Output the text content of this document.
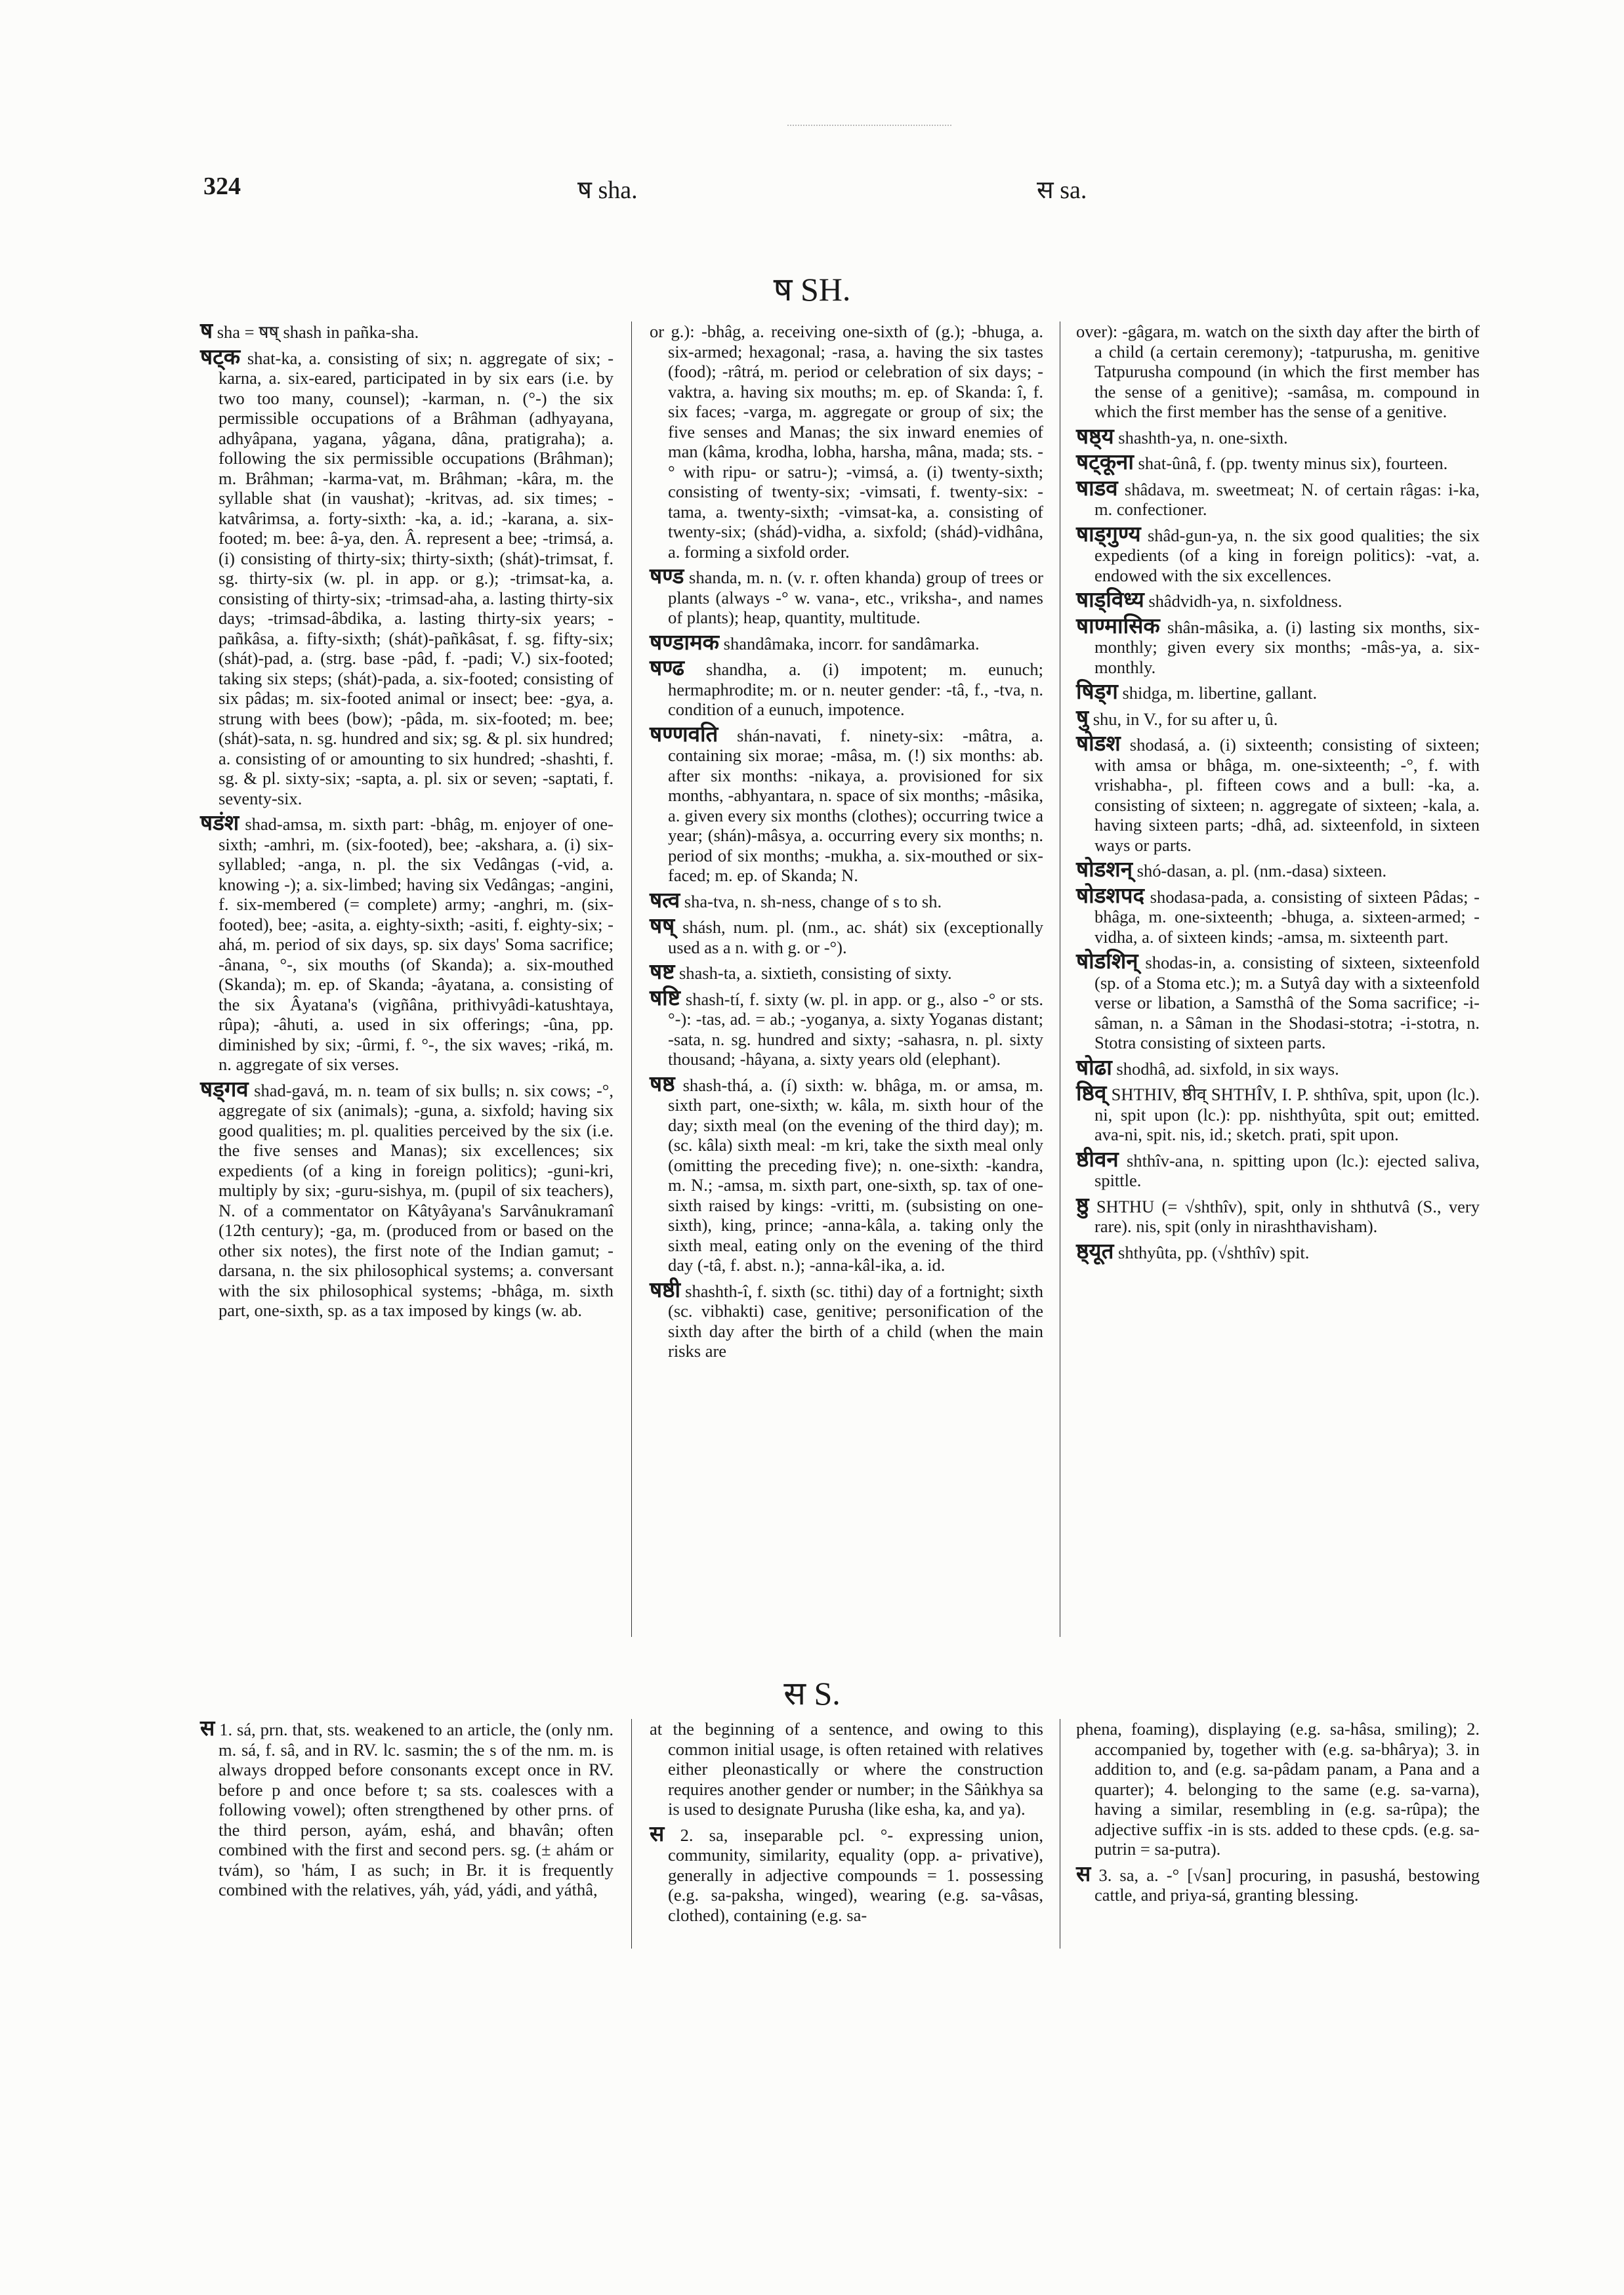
324	ष sha.	स sa.
ष SH.
ष sha = षष् shash in pañka-sha.
षट्क shat-ka, a. consisting of six; n. aggregate of six; -karna, a. six-eared, participated in by six ears (i.e. by two too many, counsel); -karman, n. (°-) the six permissible occupations of a Brâhman (adhyayana, adhyâpana, yagana, yâgana, dâna, pratigraha); a. following the six permissible occupations (Brâhman); m. Brâhman; -karma-vat, m. Brâhman; -kâra, m. the syllable shat (in vaushat); -kritvas, ad. six times; -katvârimsa, a. forty-sixth: -ka, a. id.; -karana, a. six-footed; m. bee: â-ya, den. Â. represent a bee; -trimsá, a. (i) consisting of thirty-six; thirty-sixth; (shát)-trimsat, f. sg. thirty-six (w. pl. in app. or g.); -trimsat-ka, a. consisting of thirty-six; -trimsad-aha, a. lasting thirty-six days; -trimsad-âbdika, a. lasting thirty-six years; -pañkâsa, a. fifty-sixth; (shát)-pañkâsat, f. sg. fifty-six; (shát)-pad, a. (strg. base -pâd, f. -padi; V.) six-footed; taking six steps; (shát)-pada, a. six-footed; consisting of six pâdas; m. six-footed animal or insect; bee: -gya, a. strung with bees (bow); -pâda, m. six-footed; m. bee; (shát)-sata, n. sg. hundred and six; sg. & pl. six hundred; a. consisting of or amounting to six hundred; -shashti, f. sg. & pl. sixty-six; -sapta, a. pl. six or seven; -saptati, f. seventy-six.
षडंश shad-amsa, m. sixth part: -bhâg, m. enjoyer of one-sixth; -amhri, m. (six-footed), bee; -akshara, a. (i) six-syllabled; -anga, n. pl. the six Vedângas (-vid, a. knowing -); a. six-limbed; having six Vedângas; -angini, f. six-membered (= complete) army; -anghri, m. (six-footed), bee; -asita, a. eighty-sixth; -asiti, f. eighty-six; -ahá, m. period of six days, sp. six days' Soma sacrifice; -ânana, °-, six mouths (of Skanda); a. six-mouthed (Skanda); m. ep. of Skanda; -âyatana, a. consisting of the six Âyatana's (vigñâna, prithivyâdi-katushtaya, rûpa); -âhuti, a. used in six offerings; -ûna, pp. diminished by six; -ûrmi, f. °-, the six waves; -riká, m. n. aggregate of six verses.
षड्गव shad-gavá, m. n. team of six bulls; n. six cows; -°, aggregate of six (animals); -guna, a. sixfold; having six good qualities; m. pl. qualities perceived by the six (i.e. the five senses and Manas); six excellences; six expedients (of a king in foreign politics); -guni-kri, multiply by six; -guru-sishya, m. (pupil of six teachers), N. of a commentator on Kâtyâyana's Sarvânukramanî (12th century); -ga, m. (produced from or based on the other six notes), the first note of the Indian gamut; -darsana, n. the six philosophical systems; a. conversant with the six philosophical systems; -bhâga, m. sixth part, one-sixth, sp. as a tax imposed by kings (w. ab.
or g.): -bhâg, a. receiving one-sixth of (g.); -bhuga, a. six-armed; hexagonal; -rasa, a. having the six tastes (food); -râtrá, m. period or celebration of six days; -vaktra, a. having six mouths; m. ep. of Skanda: î, f. six faces; -varga, m. aggregate or group of six; the five senses and Manas; the six inward enemies of man (kâma, krodha, lobha, harsha, mâna, mada; sts. -° with ripu- or satru-); -vimsá, a. (i) twenty-sixth; consisting of twenty-six; -vimsati, f. twenty-six: -tama, a. twenty-sixth; -vimsat-ka, a. consisting of twenty-six; (shád)-vidha, a. sixfold; (shád)-vidhâna, a. forming a sixfold order.
षण्ड shanda, m. n. (v. r. often khanda) group of trees or plants (always -° w. vana-, etc., vriksha-, and names of plants); heap, quantity, multitude.
षण्डामक shandâmaka, incorr. for sandâmarka.
षण्ढ shandha, a. (i) impotent; m. eunuch; hermaphrodite; m. or n. neuter gender: -tâ, f., -tva, n. condition of a eunuch, impotence.
षण्णवति shán-navati, f. ninety-six: -mâtra, a. containing six morae; -mâsa, m. (!) six months: ab. after six months: -nikaya, a. provisioned for six months, -abhyantara, n. space of six months; -mâsika, a. given every six months (clothes); occurring twice a year; (shán)-mâsya, a. occurring every six months; n. period of six months; -mukha, a. six-mouthed or six-faced; m. ep. of Skanda; N.
षत्व sha-tva, n. sh-ness, change of s to sh.
षष् shásh, num. pl. (nm., ac. shát) six (exceptionally used as a n. with g. or -°).
षष्ट shash-ta, a. sixtieth, consisting of sixty.
षष्टि shash-tí, f. sixty (w. pl. in app. or g., also -° or sts. °-): -tas, ad. = ab.; -yoganya, a. sixty Yoganas distant; -sata, n. sg. hundred and sixty; -sahasra, n. pl. sixty thousand; -hâyana, a. sixty years old (elephant).
षष्ठ shash-thá, a. (í) sixth: w. bhâga, m. or amsa, m. sixth part, one-sixth; w. kâla, m. sixth hour of the day; sixth meal (on the evening of the third day); m. (sc. kâla) sixth meal: -m kri, take the sixth meal only (omitting the preceding five); n. one-sixth: -kandra, m. N.; -amsa, m. sixth part, one-sixth, sp. tax of one-sixth raised by kings: -vritti, m. (subsisting on one-sixth), king, prince; -anna-kâla, a. taking only the sixth meal, eating only on the evening of the third day (-tâ, f. abst. n.); -anna-kâl-ika, a. id.
षष्ठी shashth-î, f. sixth (sc. tithi) day of a fortnight; sixth (sc. vibhakti) case, genitive; personification of the sixth day after the birth of a child (when the main risks are
over): -gâgara, m. watch on the sixth day after the birth of a child (a certain ceremony); -tatpurusha, m. genitive Tatpurusha compound (in which the first member has the sense of a genitive); -samâsa, m. compound in which the first member has the sense of a genitive.
षष्ठ्य shashth-ya, n. one-sixth.
षट्कूना shat-ûnâ, f. (pp. twenty minus six), fourteen.
षाडव shâdava, m. sweetmeat; N. of certain râgas: i-ka, m. confectioner.
षाड्गुण्य shâd-gun-ya, n. the six good qualities; the six expedients (of a king in foreign politics): -vat, a. endowed with the six excellences.
षाड्विध्य shâdvidh-ya, n. sixfoldness.
षाण्मासिक shân-mâsika, a. (i) lasting six months, six-monthly; given every six months; -mâs-ya, a. six-monthly.
षिड्ग shidga, m. libertine, gallant.
षु shu, in V., for su after u, û.
षोडश shodasá, a. (i) sixteenth; consisting of sixteen; with amsa or bhâga, m. one-sixteenth; -°, f. with vrishabha-, pl. fifteen cows and a bull: -ka, a. consisting of sixteen; n. aggregate of sixteen; -kala, a. having sixteen parts; -dhâ, ad. sixteenfold, in sixteen ways or parts.
षोडशन् shó-dasan, a. pl. (nm.-dasa) sixteen.
षोडशपद shodasa-pada, a. consisting of sixteen Pâdas; -bhâga, m. one-sixteenth; -bhuga, a. sixteen-armed; -vidha, a. of sixteen kinds; -amsa, m. sixteenth part.
षोडशिन् shodas-in, a. consisting of sixteen, sixteenfold (sp. of a Stoma etc.); m. a Sutyâ day with a sixteenfold verse or libation, a Samsthâ of the Soma sacrifice; -i-sâman, n. a Sâman in the Shodasi-stotra; -i-stotra, n. Stotra consisting of sixteen parts.
षोढा shodhâ, ad. sixfold, in six ways.
ष्ठिव् SHTHIV, ष्ठीव् SHTHÎV, I. P. shthîva, spit, upon (lc.). ni, spit upon (lc.): pp. nishthyûta, spit out; emitted. ava-ni, spit. nis, id.; sketch. prati, spit upon.
ष्ठीवन shthîv-ana, n. spitting upon (lc.): ejected saliva, spittle.
ष्ठु SHTHU (= √shthîv), spit, only in shthutvâ (S., very rare). nis, spit (only in nirashthavisham).
ष्ठ्यूत shthyûta, pp. (√shthîv) spit.
स S.
स 1. sá, prn. that, sts. weakened to an article, the (only nm. m. sá, f. sâ, and in RV. lc. sasmin; the s of the nm. m. is always dropped before consonants except once in RV. before p and once before t; sa sts. coalesces with a following vowel); often strengthened by other prns. of the third person, ayám, eshá, and bhavân; often combined with the first and second pers. sg. (± ahám or tvám), so 'hám, I as such; in Br. it is frequently combined with the relatives, yáh, yád, yádi, and yáthâ,
at the beginning of a sentence, and owing to this common initial usage, is often retained with relatives either pleonastically or where the construction requires another gender or number; in the Sâṅkhya sa is used to designate Purusha (like esha, ka, and ya).
स 2. sa, inseparable pcl. °- expressing union, community, similarity, equality (opp. a- privative), generally in adjective compounds = 1. possessing (e.g. sa-paksha, winged), wearing (e.g. sa-vâsas, clothed), containing (e.g. sa-
phena, foaming), displaying (e.g. sa-hâsa, smiling); 2. accompanied by, together with (e.g. sa-bhârya); 3. in addition to, and (e.g. sa-pâdam panam, a Pana and a quarter); 4. belonging to the same (e.g. sa-varna), having a similar, resembling in (e.g. sa-rûpa); the adjective suffix -in is sts. added to these cpds. (e.g. sa-putrin = sa-putra).
स 3. sa, a. -° [√san] procuring, in pasushá, bestowing cattle, and priya-sá, granting blessing.
